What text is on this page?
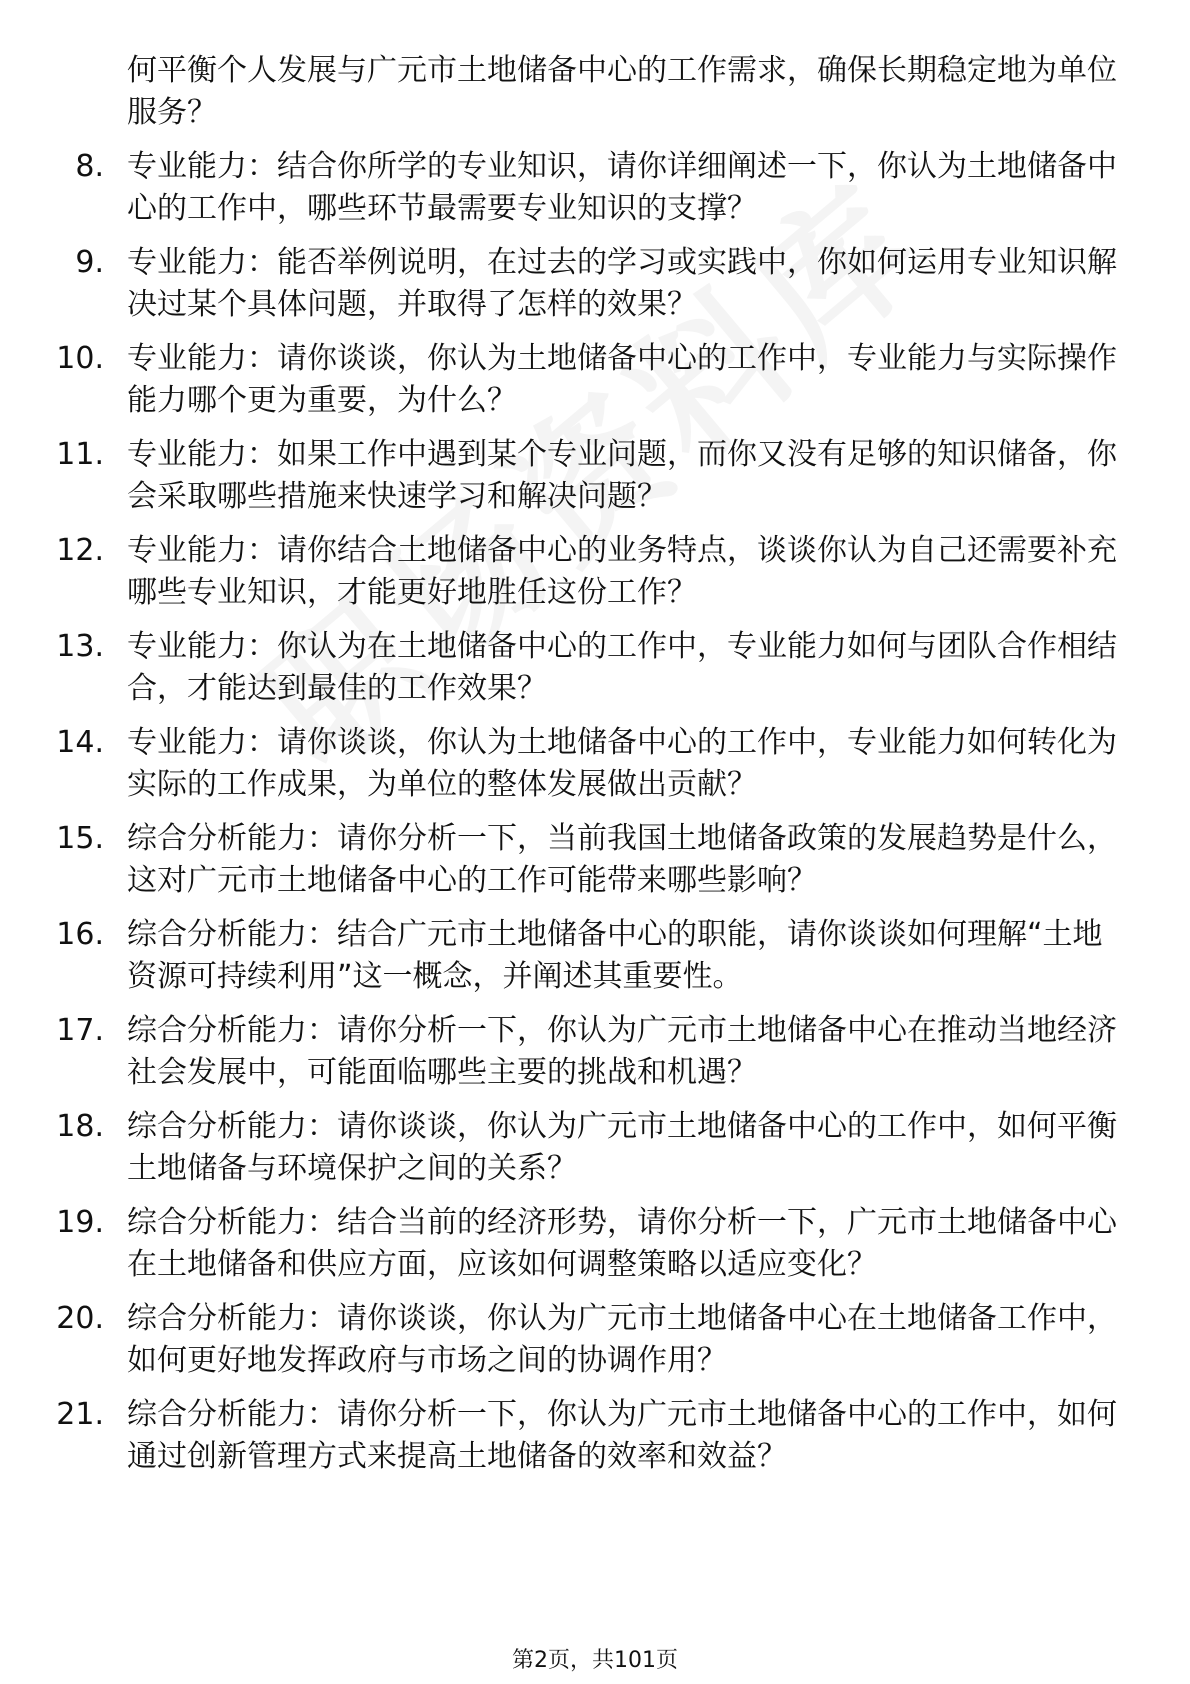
何平衡个人发展与广元市土地储备中心的工作需求，确保长期稳定地为单位服务？
8. 专业能力：结合你所学的专业知识，请你详细阐述一下，你认为土地储备中心的工作中，哪些环节最需要专业知识的支撑？
9. 专业能力：能否举例说明，在过去的学习或实践中，你如何运用专业知识解决过某个具体问题，并取得了怎样的效果？
10. 专业能力：请你谈谈，你认为土地储备中心的工作中，专业能力与实际操作能力哪个更为重要，为什么？
11. 专业能力：如果工作中遇到某个专业问题，而你又没有足够的知识储备，你会采取哪些措施来快速学习和解决问题？
12. 专业能力：请你结合土地储备中心的业务特点，谈谈你认为自己还需要补充哪些专业知识，才能更好地胜任这份工作？
13. 专业能力：你认为在土地储备中心的工作中，专业能力如何与团队合作相结合，才能达到最佳的工作效果？
14. 专业能力：请你谈谈，你认为土地储备中心的工作中，专业能力如何转化为实际的工作成果，为单位的整体发展做出贡献？
15. 综合分析能力：请你分析一下，当前我国土地储备政策的发展趋势是什么，这对广元市土地储备中心的工作可能带来哪些影响？
16. 综合分析能力：结合广元市土地储备中心的职能，请你谈谈如何理解“土地资源可持续利用”这一概念，并阐述其重要性。
17. 综合分析能力：请你分析一下，你认为广元市土地储备中心在推动当地经济社会发展中，可能面临哪些主要的挑战和机遇？
18. 综合分析能力：请你谈谈，你认为广元市土地储备中心的工作中，如何平衡土地储备与环境保护之间的关系？
19. 综合分析能力：结合当前的经济形势，请你分析一下，广元市土地储备中心在土地储备和供应方面，应该如何调整策略以适应变化？
20. 综合分析能力：请你谈谈，你认为广元市土地储备中心在土地储备工作中，如何更好地发挥政府与市场之间的协调作用？
21. 综合分析能力：请你分析一下，你认为广元市土地储备中心的工作中，如何通过创新管理方式来提高土地储备的效率和效益？
第2页，共101页
